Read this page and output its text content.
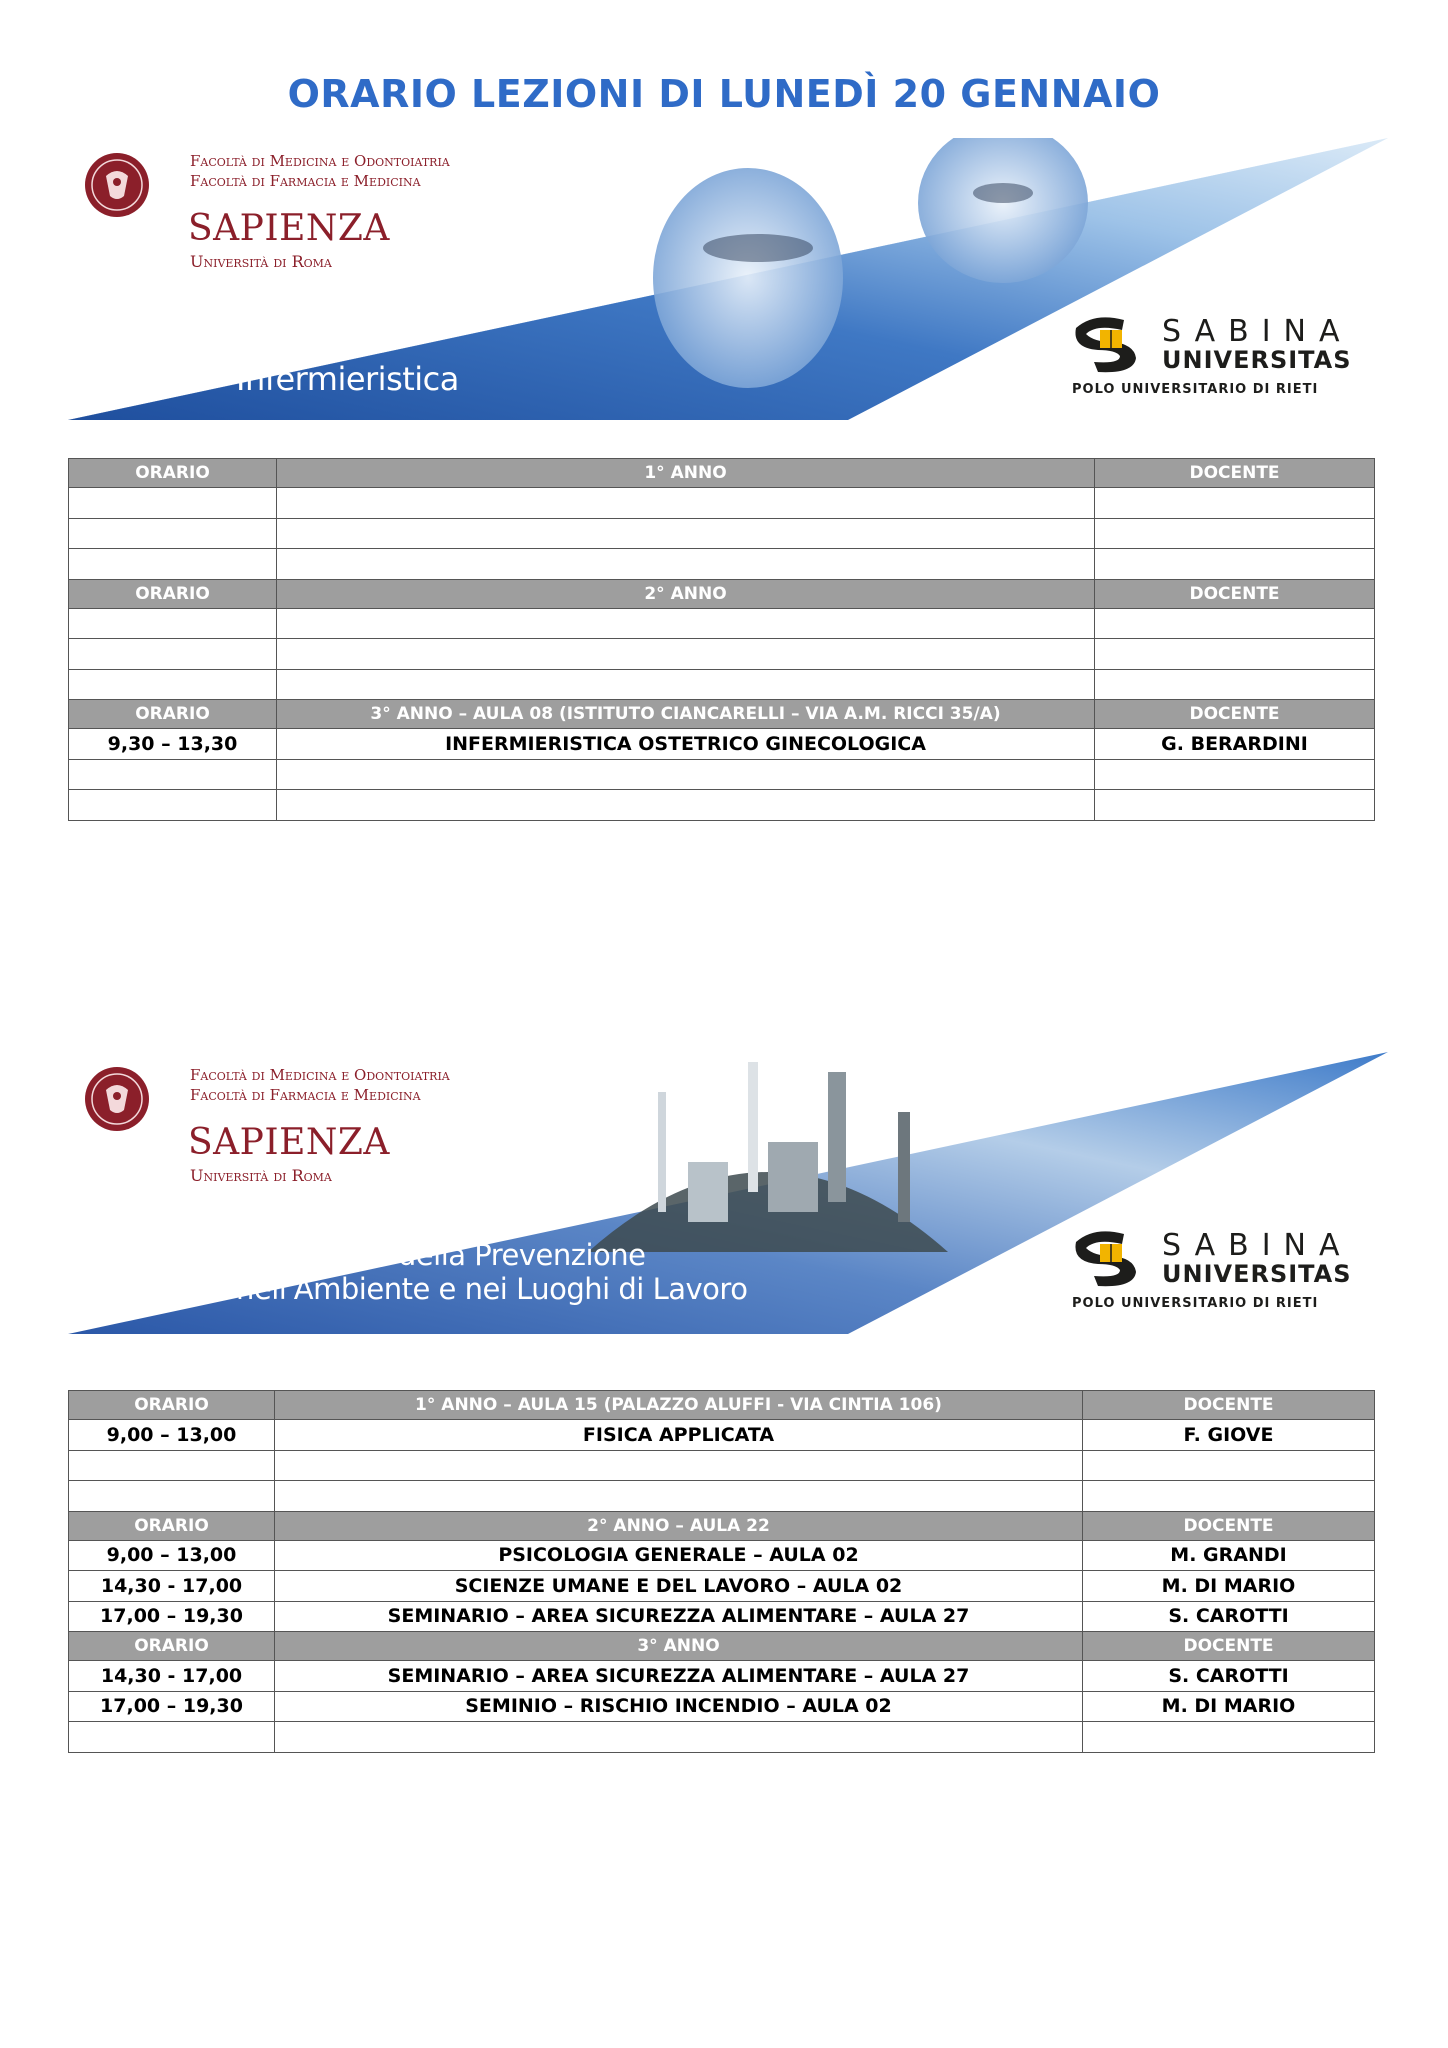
ORARIO LEZIONI DI LUNEDÌ 20 GENNAIO
Facoltà di Medicina e Odontoiatria
Facoltà di Farmacia e Medicina
SAPIENZA
Università di Roma
Infermieristica
SABINA
UNIVERSITAS
POLO UNIVERSITARIO DI RIETI
ORARIO	1° ANNO	DOCENTE

ORARIO	2° ANNO	DOCENTE

ORARIO	3° ANNO – AULA 08 (ISTITUTO CIANCARELLI – VIA A.M. RICCI 35/A)	DOCENTE
9,30 – 13,30	INFERMIERISTICA OSTETRICO GINECOLOGICA	G. BERARDINI

Facoltà di Medicina e Odontoiatria
Facoltà di Farmacia e Medicina
SAPIENZA
Università di Roma
Tecniche della Prevenzione
nell'Ambiente e nei Luoghi di Lavoro
SABINA
UNIVERSITAS
POLO UNIVERSITARIO DI RIETI
ORARIO	1° ANNO – AULA 15 (PALAZZO ALUFFI - VIA CINTIA 106)	DOCENTE
9,00 – 13,00	FISICA APPLICATA	F. GIOVE

ORARIO	2° ANNO – AULA 22	DOCENTE
9,00 – 13,00	PSICOLOGIA GENERALE – AULA 02	M. GRANDI
14,30 - 17,00	SCIENZE UMANE E DEL LAVORO – AULA 02	M. DI MARIO
17,00 – 19,30	SEMINARIO – AREA SICUREZZA ALIMENTARE – AULA 27	S. CAROTTI
ORARIO	3° ANNO	DOCENTE
14,30 - 17,00	SEMINARIO – AREA SICUREZZA ALIMENTARE – AULA 27	S. CAROTTI
17,00 – 19,30	SEMINIO – RISCHIO INCENDIO – AULA 02	M. DI MARIO
